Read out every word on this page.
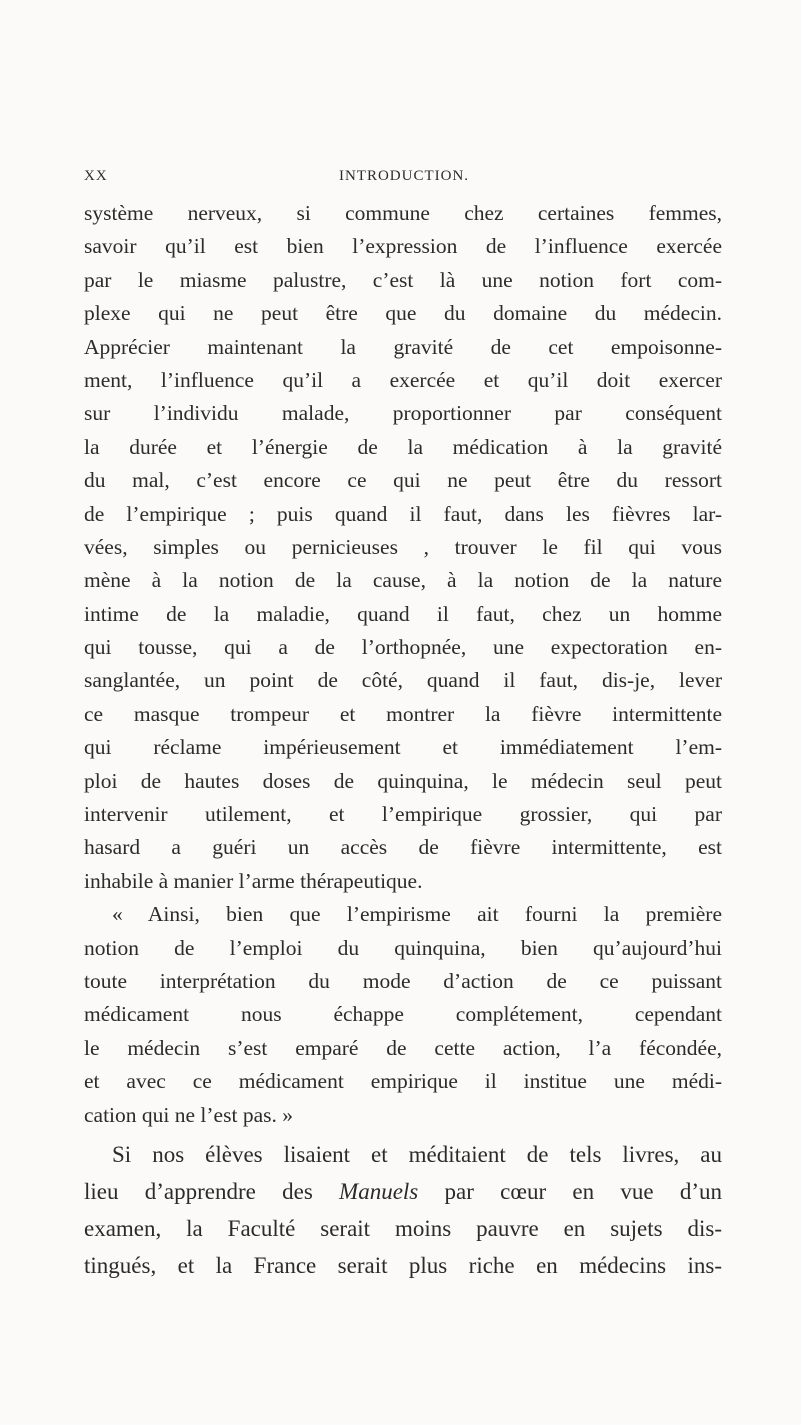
XX	INTRODUCTION.
système nerveux, si commune chez certaines femmes,
savoir qu’il est bien l’expression de l’influence exercée
par le miasme palustre, c’est là une notion fort com-
plexe qui ne peut être que du domaine du médecin.
Apprécier maintenant la gravité de cet empoisonne-
ment, l’influence qu’il a exercée et qu’il doit exercer
sur l’individu malade, proportionner par conséquent
la durée et l’énergie de la médication à la gravité
du mal, c’est encore ce qui ne peut être du ressort
de l’empirique ; puis quand il faut, dans les fièvres lar-
vées, simples ou pernicieuses , trouver le fil qui vous
mène à la notion de la cause, à la notion de la nature
intime de la maladie, quand il faut, chez un homme
qui tousse, qui a de l’orthopnée, une expectoration en-
sanglantée, un point de côté, quand il faut, dis-je, lever
ce masque trompeur et montrer la fièvre intermittente
qui réclame impérieusement et immédiatement l’em-
ploi de hautes doses de quinquina, le médecin seul peut
intervenir utilement, et l’empirique grossier, qui par
hasard a guéri un accès de fièvre intermittente, est
inhabile à manier l’arme thérapeutique.
« Ainsi, bien que l’empirisme ait fourni la première
notion de l’emploi du quinquina, bien qu’aujourd’hui
toute interprétation du mode d’action de ce puissant
médicament nous échappe complétement, cependant
le médecin s’est emparé de cette action, l’a fécondée,
et avec ce médicament empirique il institue une médi-
cation qui ne l’est pas. »
Si nos élèves lisaient et méditaient de tels livres, au
lieu d’apprendre des Manuels par cœur en vue d’un
examen, la Faculté serait moins pauvre en sujets dis-
tingués, et la France serait plus riche en médecins ins-
